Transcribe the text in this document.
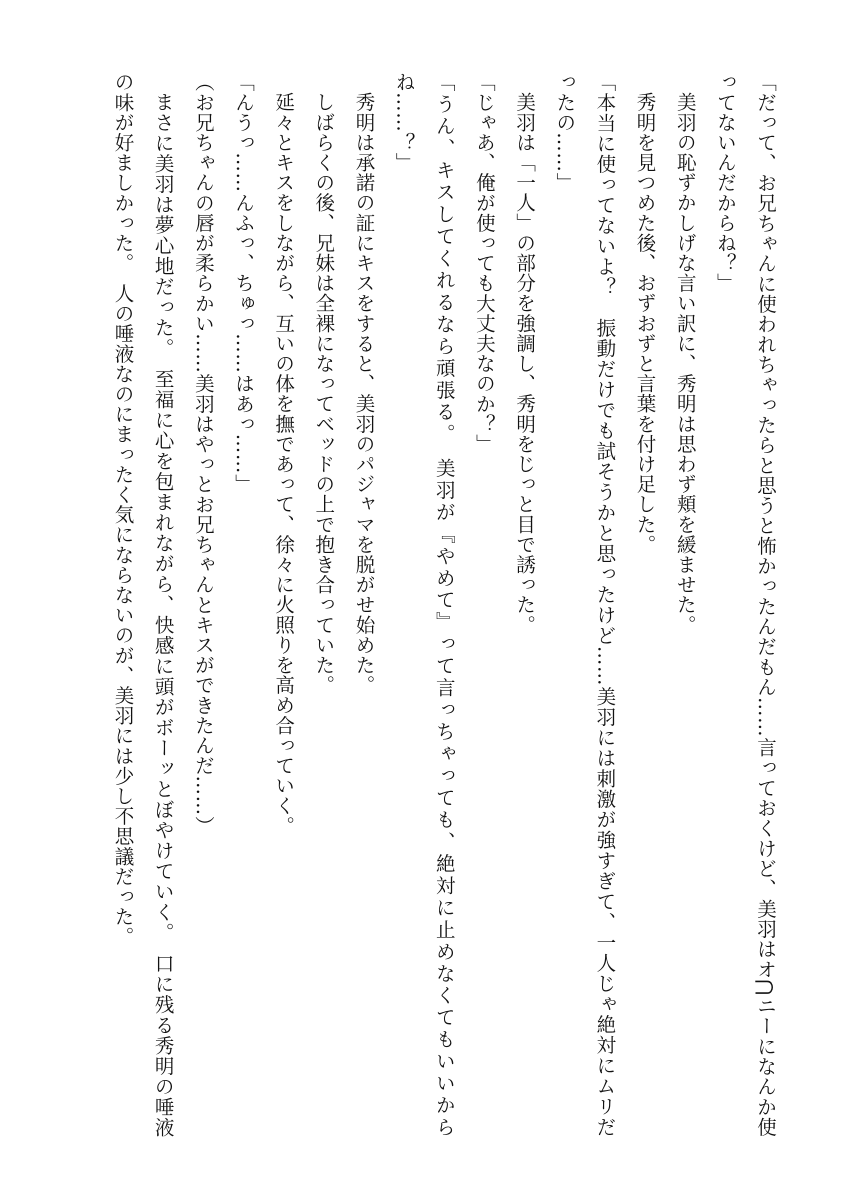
「だって、お兄ちゃんに使われちゃったらと思うと怖かったんだもん……言っておくけど、美羽はオ⋂ニーになんか使ってないんだからね？」

美羽の恥ずかしげな言い訳に、秀明は思わず頬を緩ませた。

秀明を見つめた後、おずおずと言葉を付け足した。

「本当に使ってないよ？　振動だけでも試そうかと思ったけど……美羽には刺激が強すぎて、一人じゃ絶対にムリだったの……」

美羽は「一人」の部分を強調し、秀明をじっと目で誘った。

「じゃあ、俺が使っても大丈夫なのか？」

「うん、キスしてくれるなら頑張る。　美羽が『やめて』って言っちゃっても、絶対に止めなくてもいいからね……？」

秀明は承諾の証にキスをすると、美羽のパジャマを脱がせ始めた。

しばらくの後、兄妹は全裸になってベッドの上で抱き合っていた。

延々とキスをしながら、互いの体を撫であって、徐々に火照りを高め合っていく。

「んうっ……んふっ、ちゅっ……はあっ……」

（お兄ちゃんの唇が柔らかい……美羽はやっとお兄ちゃんとキスができたんだ……）

まさに美羽は夢心地だった。　至福に心を包まれながら、快感に頭がボーッとぼやけていく。　口に残る秀明の唾液の味が好ましかった。　人の唾液なのにまったく気にならないのが、美羽には少し不思議だった。
